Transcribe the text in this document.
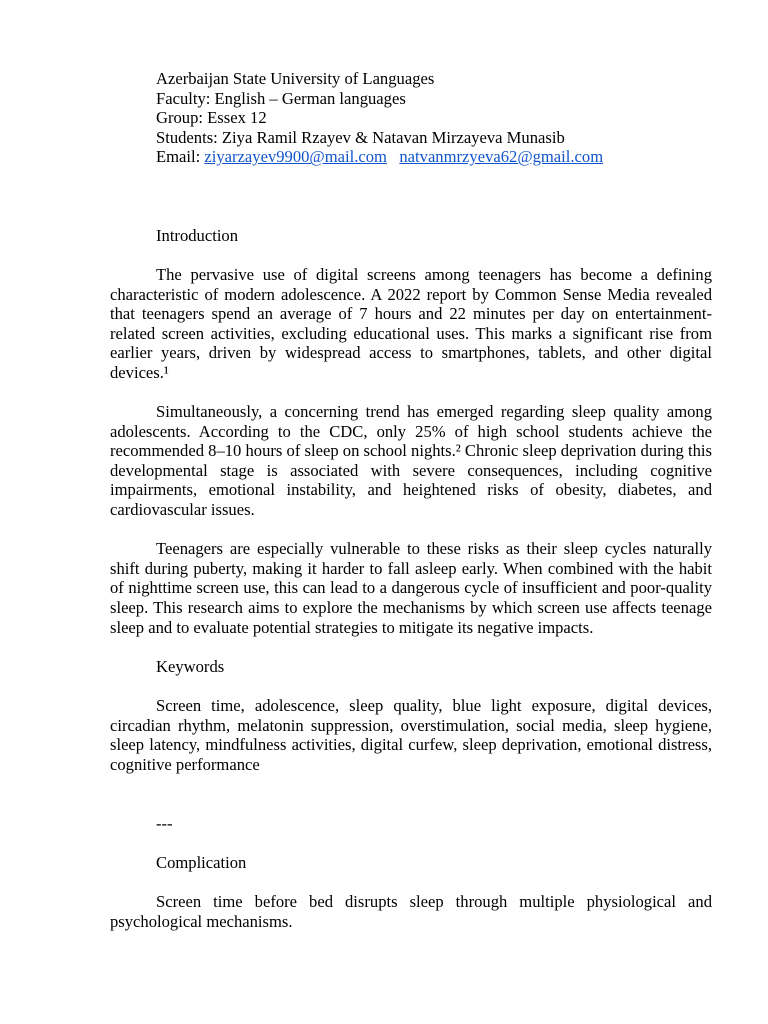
Azerbaijan State University of Languages

Faculty: English – German languages

Group: Essex 12

Students: Ziya Ramil Rzayev & Natavan Mirzayeva Munasib

Email: ziyarzayev9900@mail.com natvanmrzyeva62@gmail.com

Introduction

The pervasive use of digital screens among teenagers has become a defining characteristic of modern adolescence. A 2022 report by Common Sense Media revealed that teenagers spend an average of 7 hours and 22 minutes per day on entertainment-related screen activities, excluding educational uses. This marks a significant rise from earlier years, driven by widespread access to smartphones, tablets, and other digital devices.¹

Simultaneously, a concerning trend has emerged regarding sleep quality among adolescents. According to the CDC, only 25% of high school students achieve the recommended 8–10 hours of sleep on school nights.² Chronic sleep deprivation during this developmental stage is associated with severe consequences, including cognitive impairments, emotional instability, and heightened risks of obesity, diabetes, and cardiovascular issues.

Teenagers are especially vulnerable to these risks as their sleep cycles naturally shift during puberty, making it harder to fall asleep early. When combined with the habit of nighttime screen use, this can lead to a dangerous cycle of insufficient and poor-quality sleep. This research aims to explore the mechanisms by which screen use affects teenage sleep and to evaluate potential strategies to mitigate its negative impacts.

Keywords

Screen time, adolescence, sleep quality, blue light exposure, digital devices, circadian rhythm, melatonin suppression, overstimulation, social media, sleep hygiene, sleep latency, mindfulness activities, digital curfew, sleep deprivation, emotional distress, cognitive performance

---

Complication

Screen time before bed disrupts sleep through multiple physiological and psychological mechanisms.
